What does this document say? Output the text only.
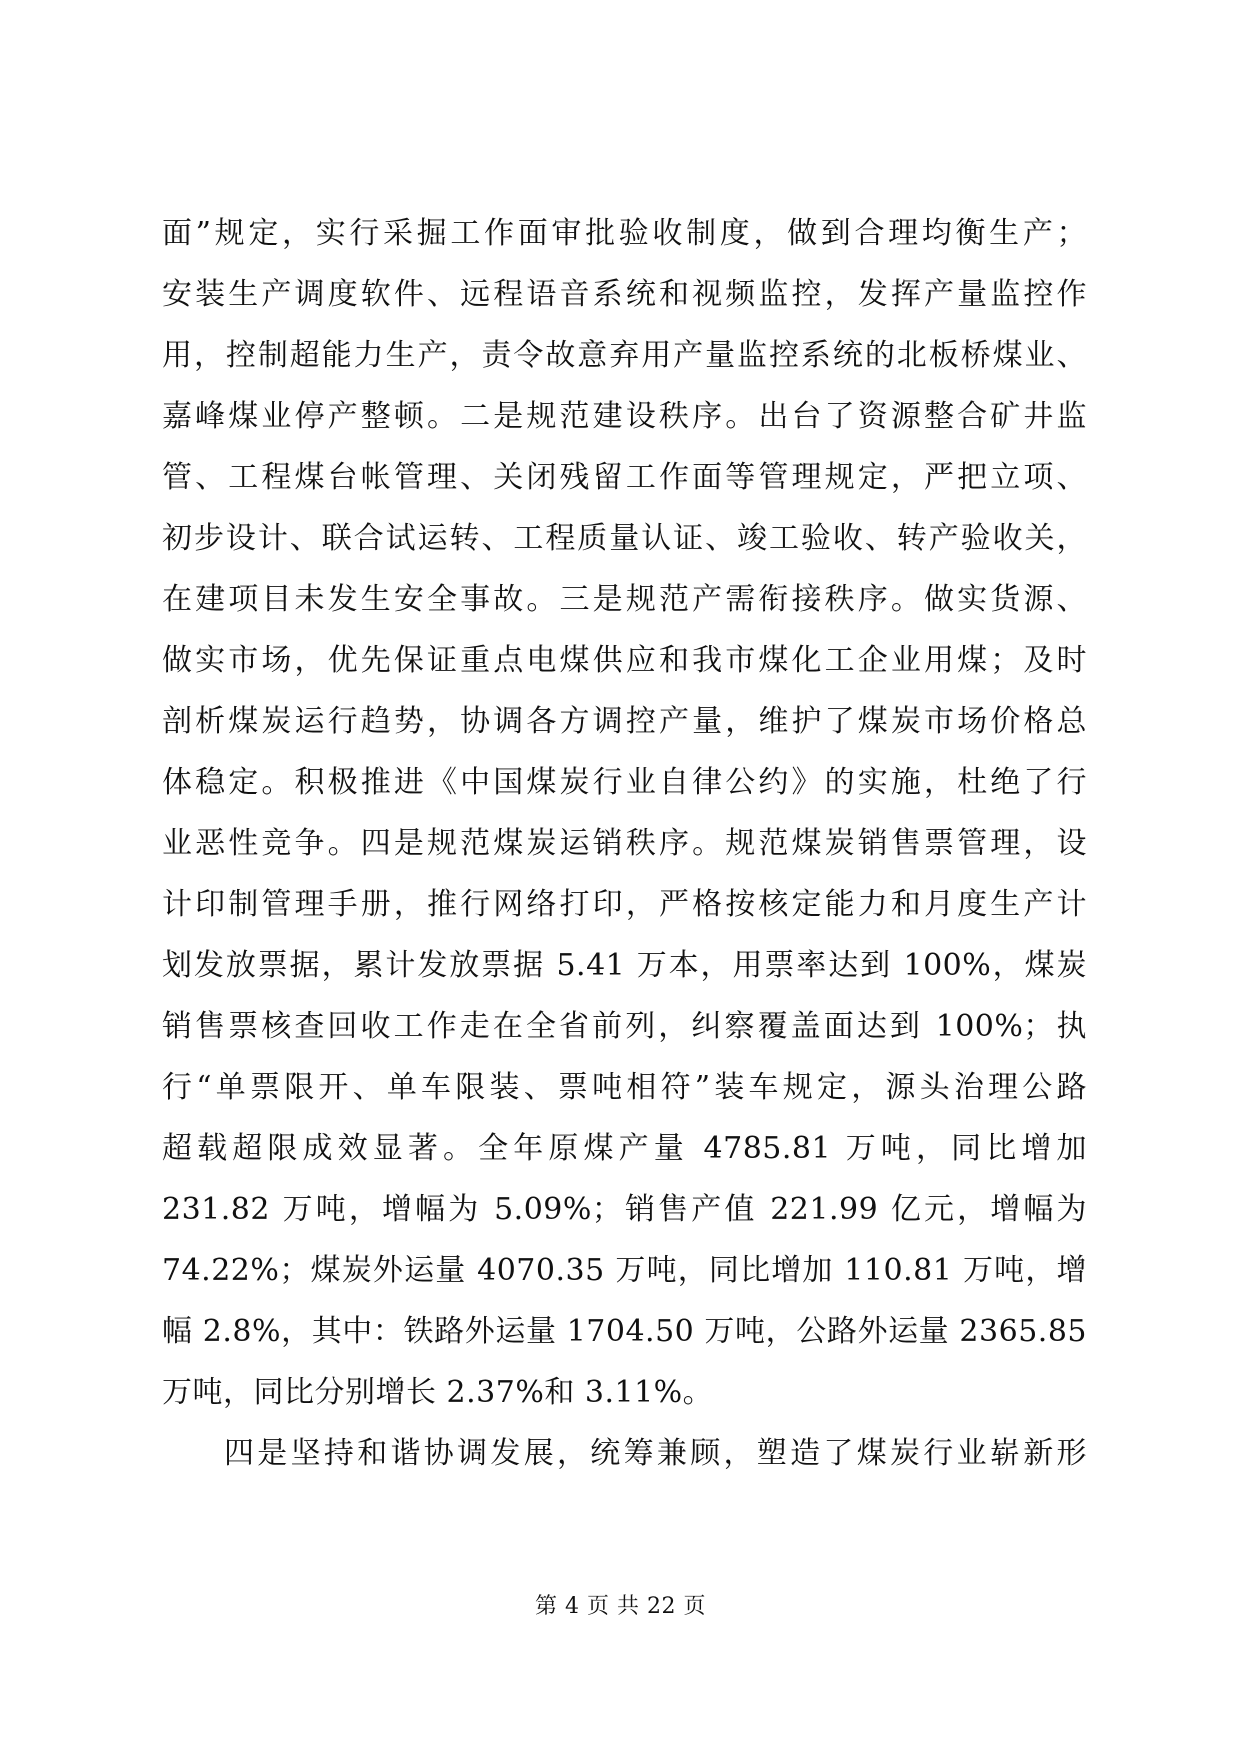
面”规定，实行采掘工作面审批验收制度，做到合理均衡生产；
安装生产调度软件、远程语音系统和视频监控，发挥产量监控作
用，控制超能力生产，责令故意弃用产量监控系统的北板桥煤业、
嘉峰煤业停产整顿。二是规范建设秩序。出台了资源整合矿井监
管、工程煤台帐管理、关闭残留工作面等管理规定，严把立项、
初步设计、联合试运转、工程质量认证、竣工验收、转产验收关，
在建项目未发生安全事故。三是规范产需衔接秩序。做实货源、
做实市场，优先保证重点电煤供应和我市煤化工企业用煤；及时
剖析煤炭运行趋势，协调各方调控产量，维护了煤炭市场价格总
体稳定。积极推进《中国煤炭行业自律公约》的实施，杜绝了行
业恶性竞争。四是规范煤炭运销秩序。规范煤炭销售票管理，设
计印制管理手册，推行网络打印，严格按核定能力和月度生产计
划发放票据，累计发放票据 5.41 万本，用票率达到 100%，煤炭
销售票核查回收工作走在全省前列，纠察覆盖面达到 100%；执
行“单票限开、单车限装、票吨相符”装车规定，源头治理公路
超载超限成效显著。全年原煤产量 4785.81 万吨，同比增加
231.82 万吨，增幅为 5.09%；销售产值 221.99 亿元，增幅为
74.22%；煤炭外运量 4070.35 万吨，同比增加 110.81 万吨，增
幅 2.8%，其中：铁路外运量 1704.50 万吨，公路外运量 2365.85
万吨，同比分别增长 2.37%和 3.11%。
四是坚持和谐协调发展，统筹兼顾，塑造了煤炭行业崭新形
第 4 页 共 22 页
